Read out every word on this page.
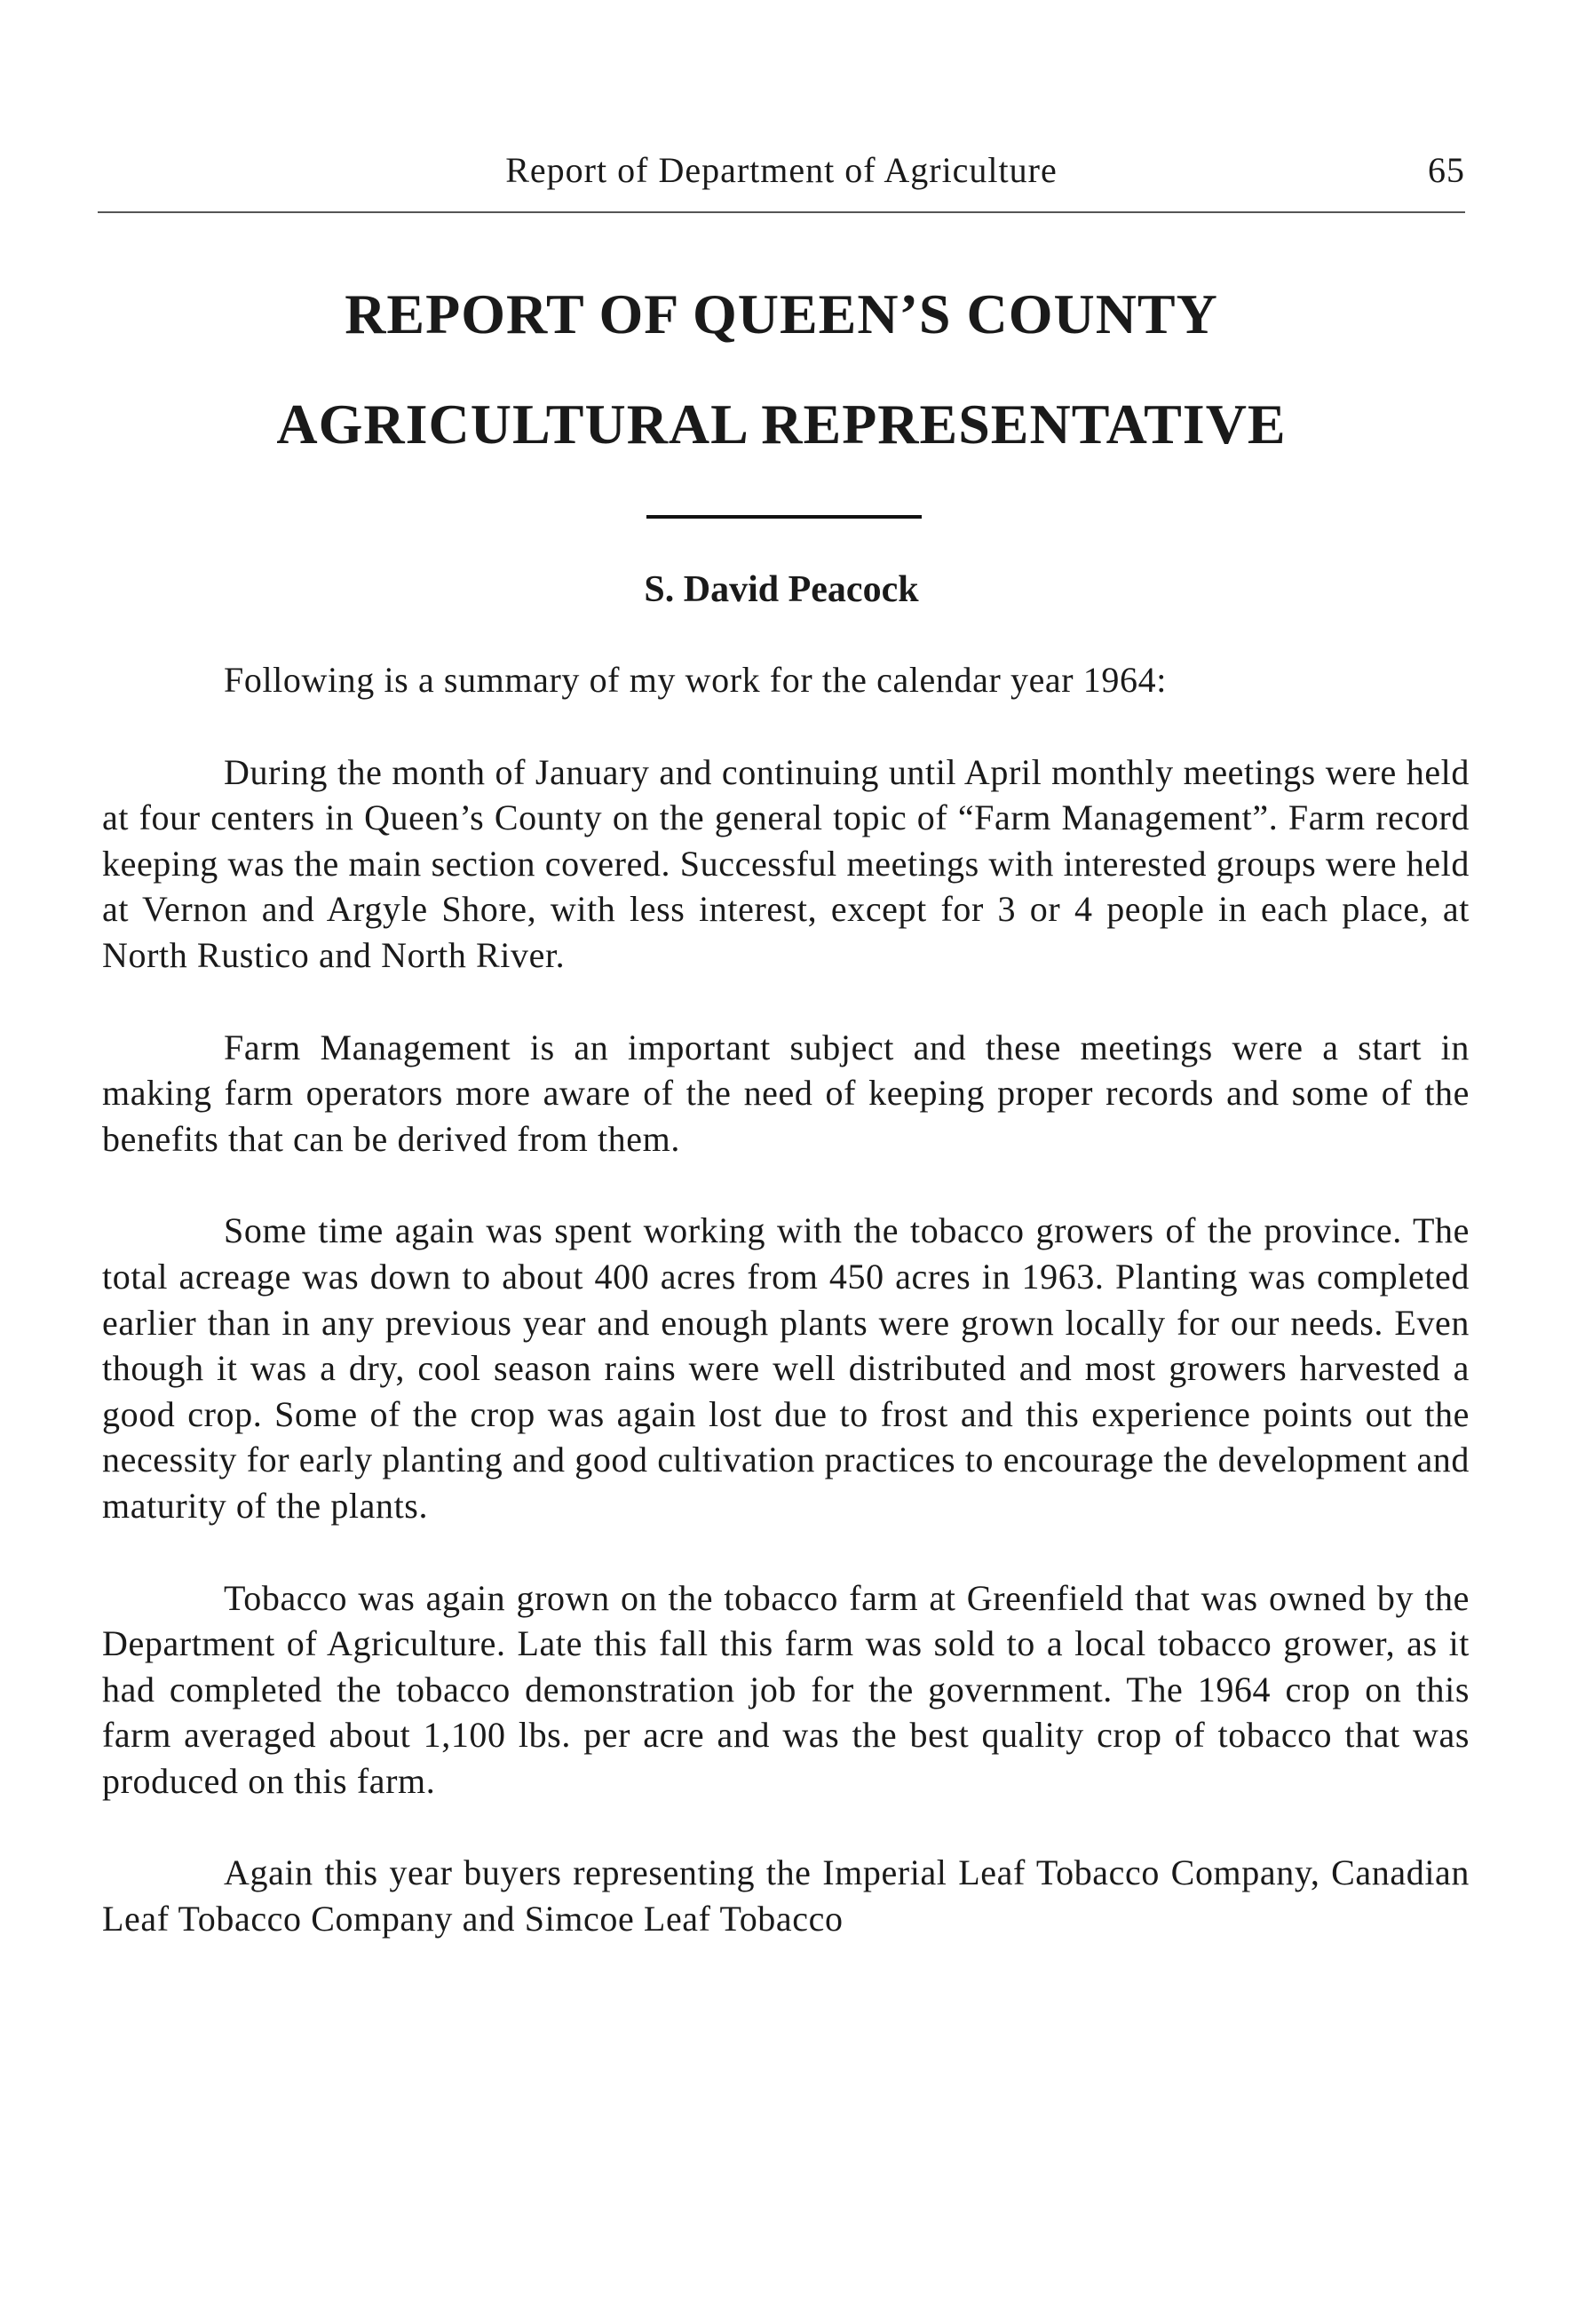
Report of Department of Agriculture	65
REPORT OF QUEEN’S COUNTY
AGRICULTURAL REPRESENTATIVE
S. David Peacock

Following is a summary of my work for the calendar year 1964:

During the month of January and continuing until April monthly meetings were held at four centers in Queen’s County on the general topic of “Farm Management”. Farm record keeping was the main section covered. Successful meetings with interested groups were held at Vernon and Argyle Shore, with less interest, except for 3 or 4 people in each place, at North Rustico and North River.

Farm Management is an important subject and these meetings were a start in making farm operators more aware of the need of keeping proper records and some of the benefits that can be derived from them.

Some time again was spent working with the tobacco growers of the province. The total acreage was down to about 400 acres from 450 acres in 1963. Planting was completed earlier than in any previous year and enough plants were grown locally for our needs. Even though it was a dry, cool season rains were well distributed and most growers harvested a good crop. Some of the crop was again lost due to frost and this experience points out the necessity for early planting and good cultivation practices to encourage the development and maturity of the plants.

Tobacco was again grown on the tobacco farm at Greenfield that was owned by the Department of Agriculture. Late this fall this farm was sold to a local tobacco grower, as it had completed the tobacco demonstration job for the government. The 1964 crop on this farm averaged about 1,100 lbs. per acre and was the best quality crop of tobacco that was produced on this farm.

Again this year buyers representing the Imperial Leaf Tobacco Company, Canadian Leaf Tobacco Company and Simcoe Leaf Tobacco
